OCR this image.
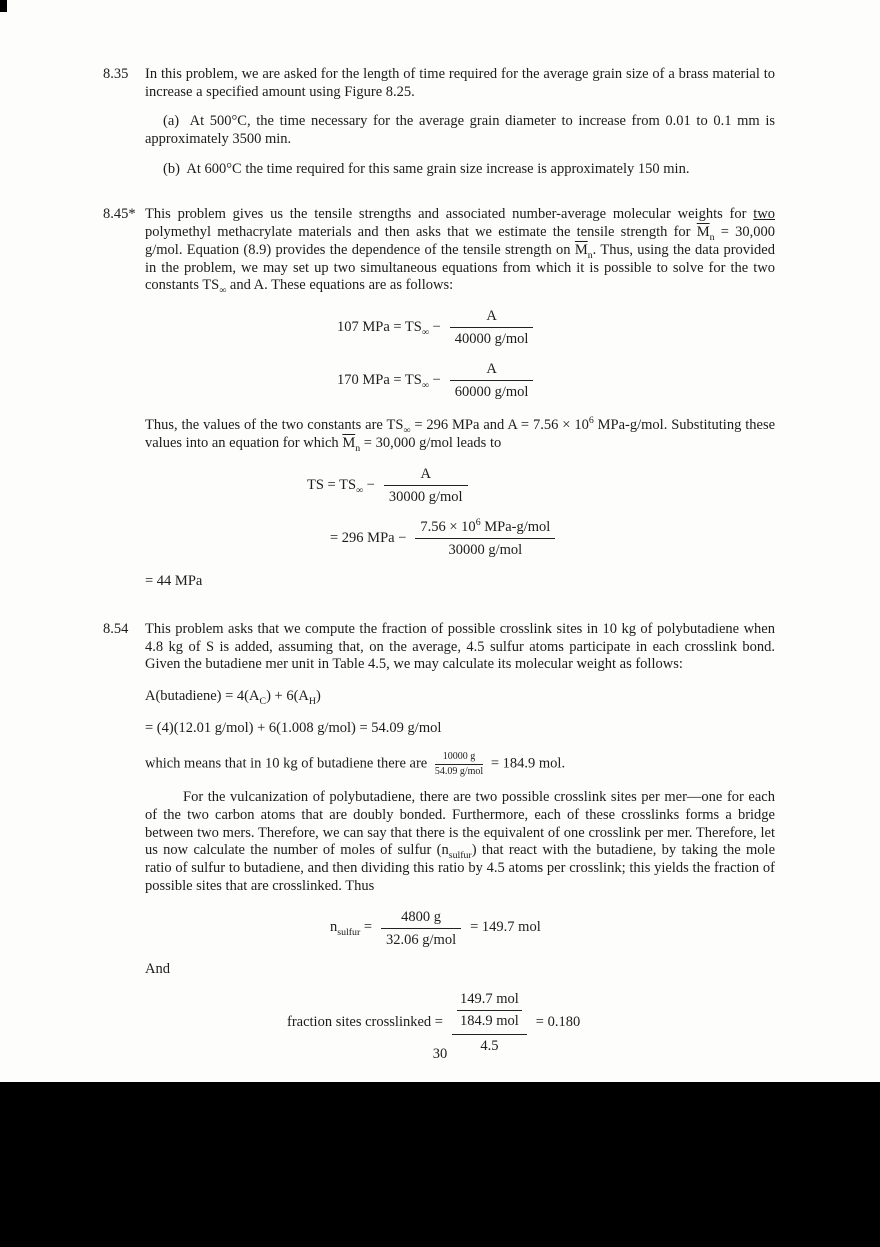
8.35	In this problem, we are asked for the length of time required for the average grain size of a brass material to increase a specified amount using Figure 8.25.

(a)  At 500°C, the time necessary for the average grain diameter to increase from 0.01 to 0.1 mm is approximately 3500 min.

(b)  At 600°C the time required for this same grain size increase is approximately 150 min.

8.45* This problem gives us the tensile strengths and associated number-average molecular weights for two polymethyl methacrylate materials and then asks that we estimate the tensile strength for $\overline{M}_n = 30,000$ g/mol. Equation (8.9) provides the dependence of the tensile strength on $\overline{M}_n$. Thus, using the data provided in the problem, we may set up two simultaneous equations from which it is possible to solve for the two constants $TS_\infty$ and A. These equations are as follows:

107 MPa = $TS_\infty - \frac{A}{\text{40000 g/mol}}$
170 MPa = $TS_\infty - \frac{A}{\text{60000 g/mol}}$

Thus, the values of the two constants are $TS_\infty = 296$ MPa and $A = 7.56 \times 10^6$ MPa-g/mol. Substituting these values into an equation for which $\overline{M}_n = 30,000$ g/mol leads to

TS = $TS_\infty - \frac{A}{\text{30000 g/mol}}$
= 296 MPa − $\frac{7.56 \times 10^6 MPa-g/mol}{\text{30000 g/mol}}$
= 44 MPa
8.54	This problem asks that we compute the fraction of possible crosslink sites in 10 kg of polybutadiene when 4.8 kg of S is added, assuming that, on the average, 4.5 sulfur atoms participate in each crosslink bond. Given the butadiene mer unit in Table 4.5, we may calculate its molecular weight as follows:

A(butadiene) = $4(A_C) + 6(A_H)$
= (4)(12.01 g/mol) + 6(1.008 g/mol) = 54.09 g/mol

which means that in 10 kg of butadiene there are $\frac{10000 g}{\text{54.09 g/mol}} = 184.9$ mol.

For the vulcanization of polybutadiene, there are two possible crosslink sites per mer—one for each of the two carbon atoms that are doubly bonded. Furthermore, each of these crosslinks forms a bridge between two mers. Therefore, we can say that there is the equivalent of one crosslink per mer. Therefore, let us now calculate the number of moles of sulfur $(n_{sulfur})$ that react with the butadiene, by taking the mole ratio of sulfur to butadiene, and then dividing this ratio by 4.5 atoms per crosslink; this yields the fraction of possible sites that are crosslinked. Thus

$n_{sulfur} = \frac{4800 g}{\text{32.06 g/mol}} = 149.7$ mol

And

fraction sites crosslinked = $\frac{\frac{\text{149.7 mol}}{\text{184.9 mol}}}{4.5} = 0.180$
30
